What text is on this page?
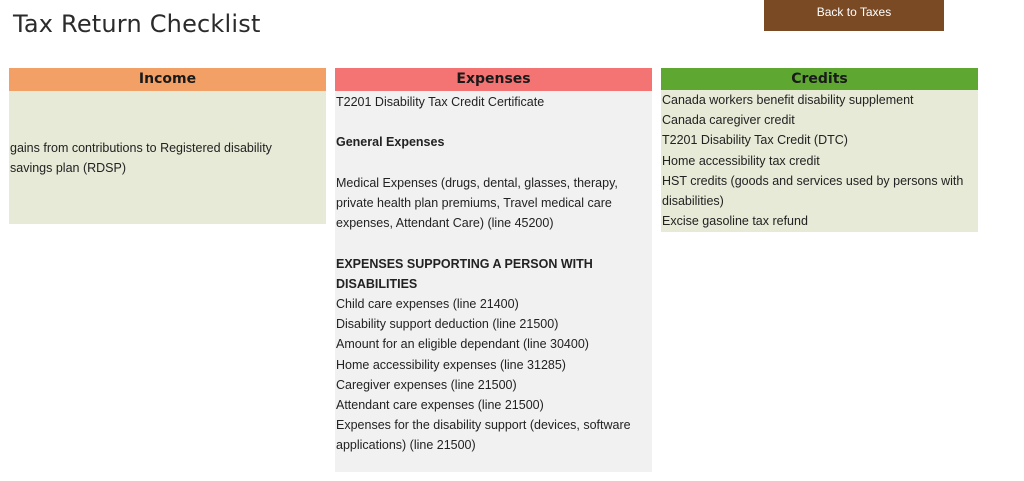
Tax Return Checklist	Back to Taxes
Income
gains from contributions to Registered disability
savings plan (RDSP)
Expenses
T2201 Disability Tax Credit Certificate
General Expenses
Medical Expenses (drugs, dental, glasses, therapy,
private health plan premiums, Travel medical care
expenses, Attendant Care) (line 45200)
EXPENSES SUPPORTING A PERSON WITH
DISABILITIES
Child care expenses (line 21400)
Disability support deduction (line 21500)
Amount for an eligible dependant (line 30400)
Home accessibility expenses (line 31285)
Caregiver expenses (line 21500)
Attendant care expenses (line 21500)
Expenses for the disability support (devices, software
applications) (line 21500)
Credits
Canada workers benefit disability supplement
Canada caregiver credit
T2201 Disability Tax Credit (DTC)
Home accessibility tax credit
HST credits (goods and services used by persons with
disabilities)
Excise gasoline tax refund
